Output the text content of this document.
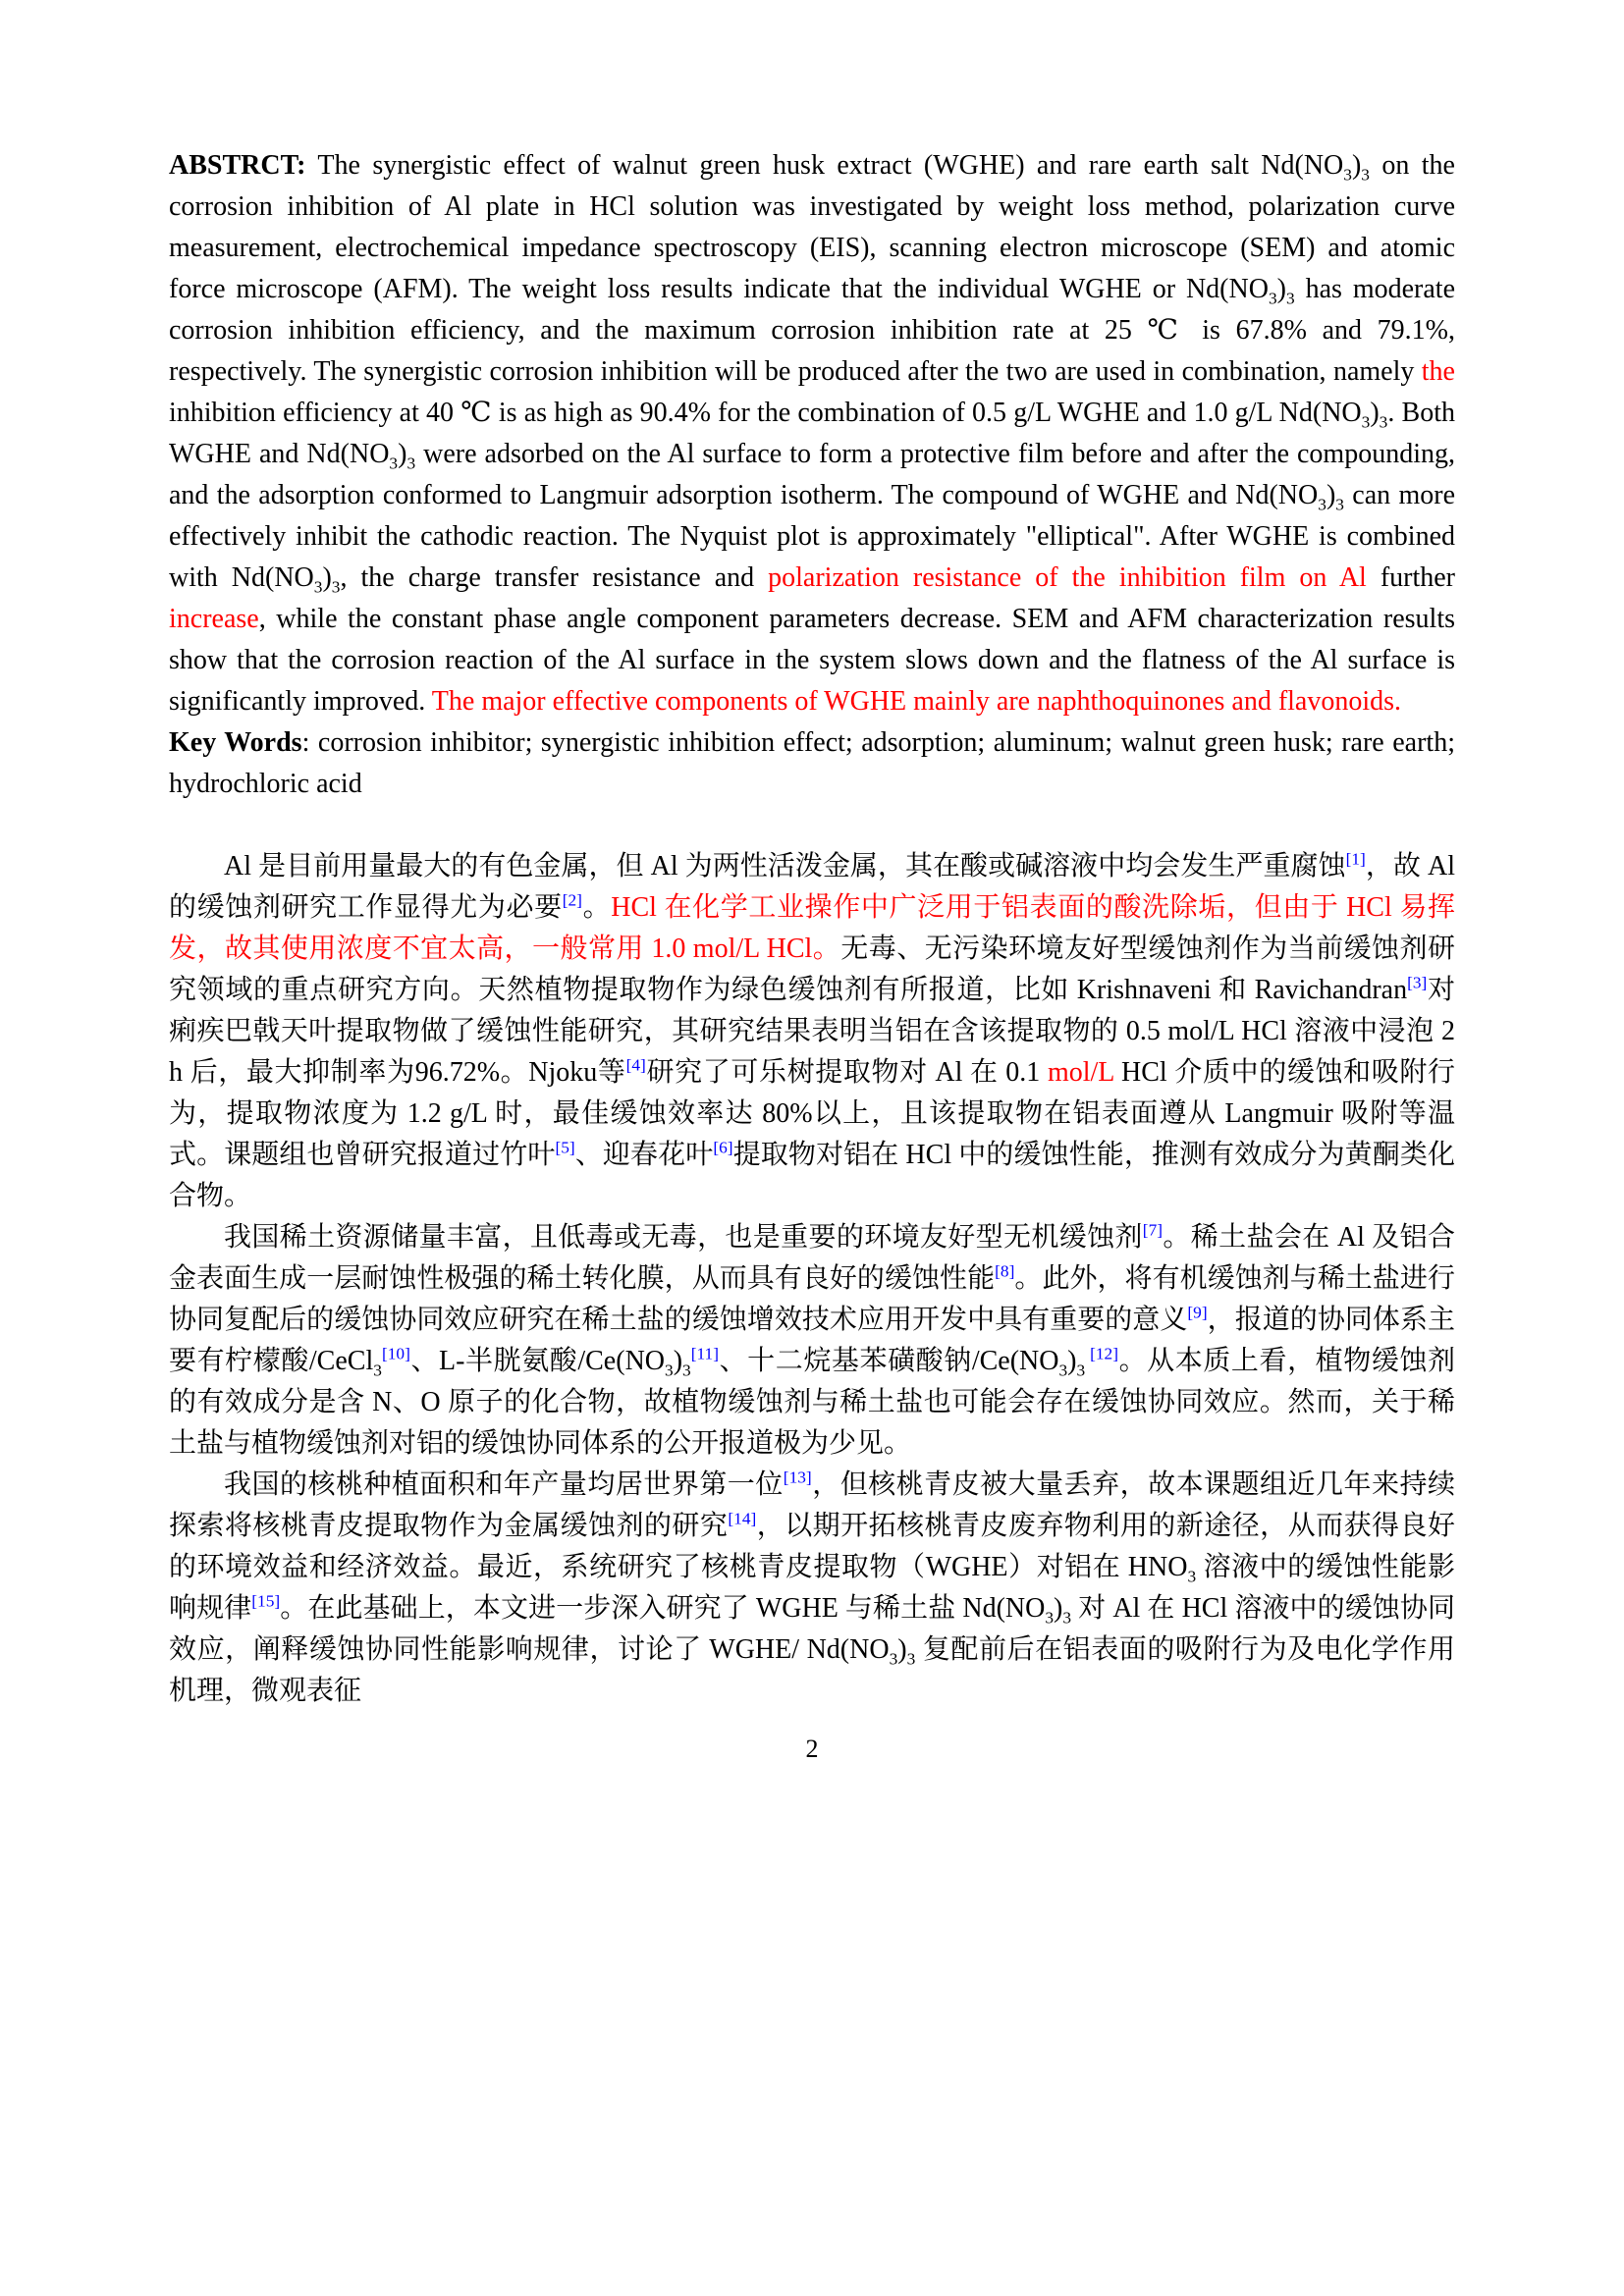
ABSTRCT: The synergistic effect of walnut green husk extract (WGHE) and rare earth salt $Nd(NO_3)_3$ on the corrosion inhibition of Al plate in HCl solution was investigated by weight loss method, polarization curve measurement, electrochemical impedance spectroscopy (EIS), scanning electron microscope (SEM) and atomic force microscope (AFM). The weight loss results indicate that the individual WGHE or $Nd(NO_3)_3$ has moderate corrosion inhibition efficiency, and the maximum corrosion inhibition rate at 25 ℃ is 67.8% and 79.1%, respectively. The synergistic corrosion inhibition will be produced after the two are used in combination, namely the inhibition efficiency at 40 ℃ is as high as 90.4% for the combination of 0.5 g/L WGHE and 1.0 g/L $Nd(NO_3)_3$. Both WGHE and $Nd(NO_3)_3$ were adsorbed on the Al surface to form a protective film before and after the compounding, and the adsorption conformed to Langmuir adsorption isotherm. The compound of WGHE and $Nd(NO_3)_3$ can more effectively inhibit the cathodic reaction. The Nyquist plot is approximately "elliptical". After WGHE is combined with $Nd(NO_3)_3$, the charge transfer resistance and polarization resistance of the inhibition film on Al further increase, while the constant phase angle component parameters decrease. SEM and AFM characterization results show that the corrosion reaction of the Al surface in the system slows down and the flatness of the Al surface is significantly improved. The major effective components of WGHE mainly are naphthoquinones and flavonoids.

Key Words: corrosion inhibitor; synergistic inhibition effect; adsorption; aluminum; walnut green husk; rare earth; hydrochloric acid

Al 是目前用量最大的有色金属，但 Al 为两性活泼金属，其在酸或碱溶液中均会发生严重腐蚀[1]，故 Al 的缓蚀剂研究工作显得尤为必要[2]。HCl 在化学工业操作中广泛用于铝表面的酸洗除垢，但由于 HCl 易挥发，故其使用浓度不宜太高，一般常用 1.0 mol/L HCl。无毒、无污染环境友好型缓蚀剂作为当前缓蚀剂研究领域的重点研究方向。天然植物提取物作为绿色缓蚀剂有所报道，比如 Krishnaveni 和 Ravichandran[3]对痢疾巴戟天叶提取物做了缓蚀性能研究，其研究结果表明当铝在含该提取物的 0.5 mol/L HCl 溶液中浸泡 2 h 后，最大抑制率为96.72%。Njoku等[4]研究了可乐树提取物对 Al 在 0.1 mol/L HCl 介质中的缓蚀和吸附行为，提取物浓度为 1.2 g/L 时，最佳缓蚀效率达 80%以上，且该提取物在铝表面遵从 Langmuir 吸附等温式。课题组也曾研究报道过竹叶[5]、迎春花叶[6]提取物对铝在 HCl 中的缓蚀性能，推测有效成分为黄酮类化合物。

我国稀土资源储量丰富，且低毒或无毒，也是重要的环境友好型无机缓蚀剂[7]。稀土盐会在 Al 及铝合金表面生成一层耐蚀性极强的稀土转化膜，从而具有良好的缓蚀性能[8]。此外，将有机缓蚀剂与稀土盐进行协同复配后的缓蚀协同效应研究在稀土盐的缓蚀增效技术应用开发中具有重要的意义[9]，报道的协同体系主要有柠檬酸/CeCl$_3$[10]、L-半胱氨酸$/Ce(NO_3)_3[11]$、十二烷基苯磺酸钠$/Ce(NO_3)_3$ [12]。从本质上看，植物缓蚀剂的有效成分是含 N、O 原子的化合物，故植物缓蚀剂与稀土盐也可能会存在缓蚀协同效应。然而，关于稀土盐与植物缓蚀剂对铝的缓蚀协同体系的公开报道极为少见。

我国的核桃种植面积和年产量均居世界第一位[13]，但核桃青皮被大量丢弃，故本课题组近几年来持续探索将核桃青皮提取物作为金属缓蚀剂的研究[14]，以期开拓核桃青皮废弃物利用的新途径，从而获得良好的环境效益和经济效益。最近，系统研究了核桃青皮提取物（WGHE）对铝在 $HNO_3$ 溶液中的缓蚀性能影响规律[15]。在此基础上，本文进一步深入研究了 WGHE 与稀土盐 $Nd(NO_3)_3$ 对 Al 在 HCl 溶液中的缓蚀协同效应，阐释缓蚀协同性能影响规律，讨论了 WGHE/ $Nd(NO_3)_3$ 复配前后在铝表面的吸附行为及电化学作用机理，微观表征

2
